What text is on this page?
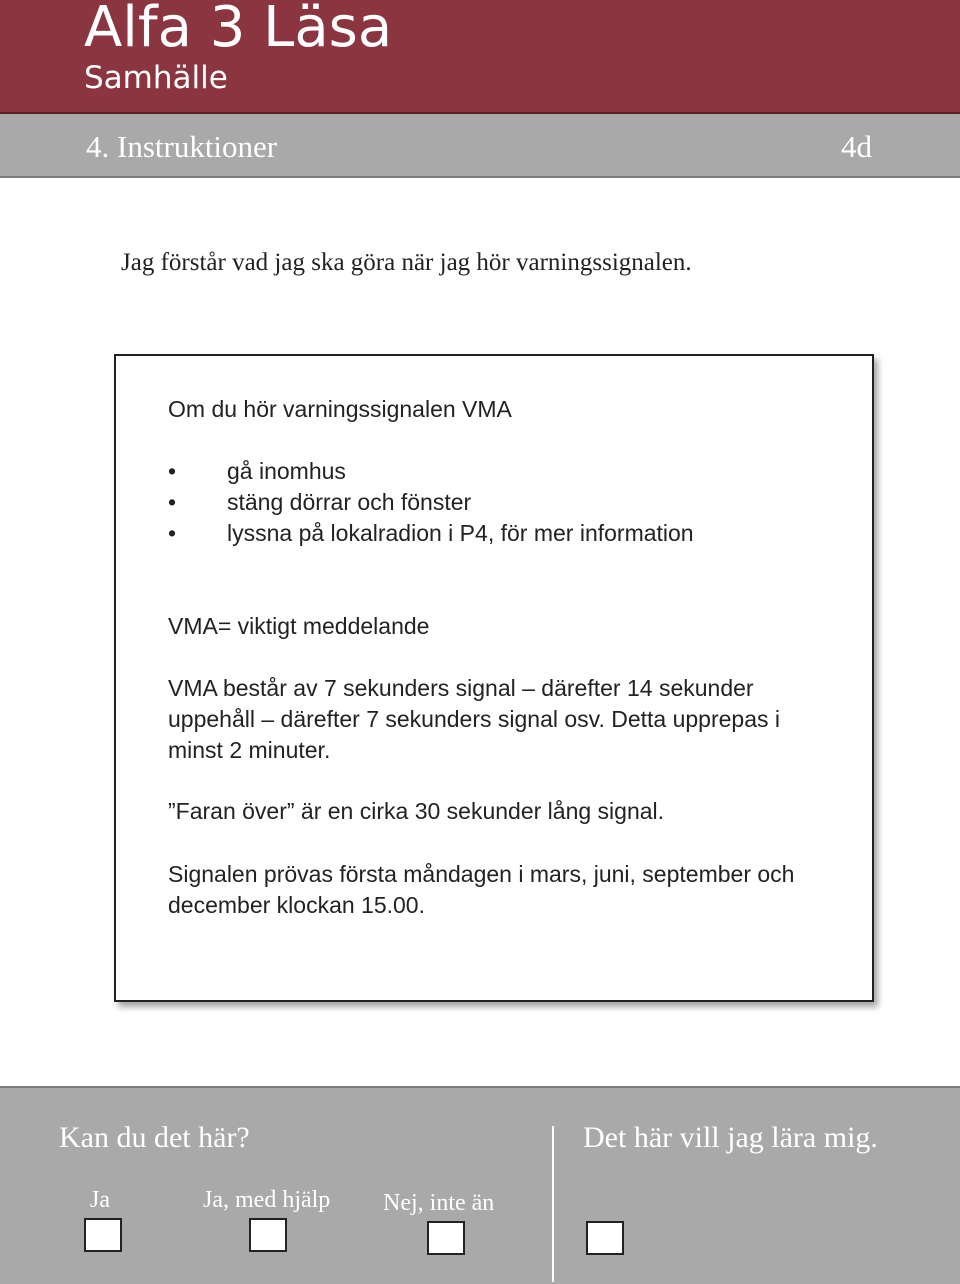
Alfa 3 Läsa
Samhälle
4. Instruktioner	4d
Jag förstår vad jag ska göra när jag hör varningssignalen.
Om du hör varningssignalen VMA
• gå inomhus
• stäng dörrar och fönster
• lyssna på lokalradion i P4, för mer information

VMA= viktigt meddelande

VMA består av 7 sekunders signal – därefter 14 sekunder uppehåll – därefter 7 sekunders signal osv. Detta upprepas i minst 2 minuter.

”Faran över” är en cirka 30 sekunder lång signal.

Signalen prövas första måndagen i mars, juni, september och december klockan 15.00.

Kan du det här?	Det här vill jag lära mig.
Ja	Ja, med hjälp Nej, inte än
